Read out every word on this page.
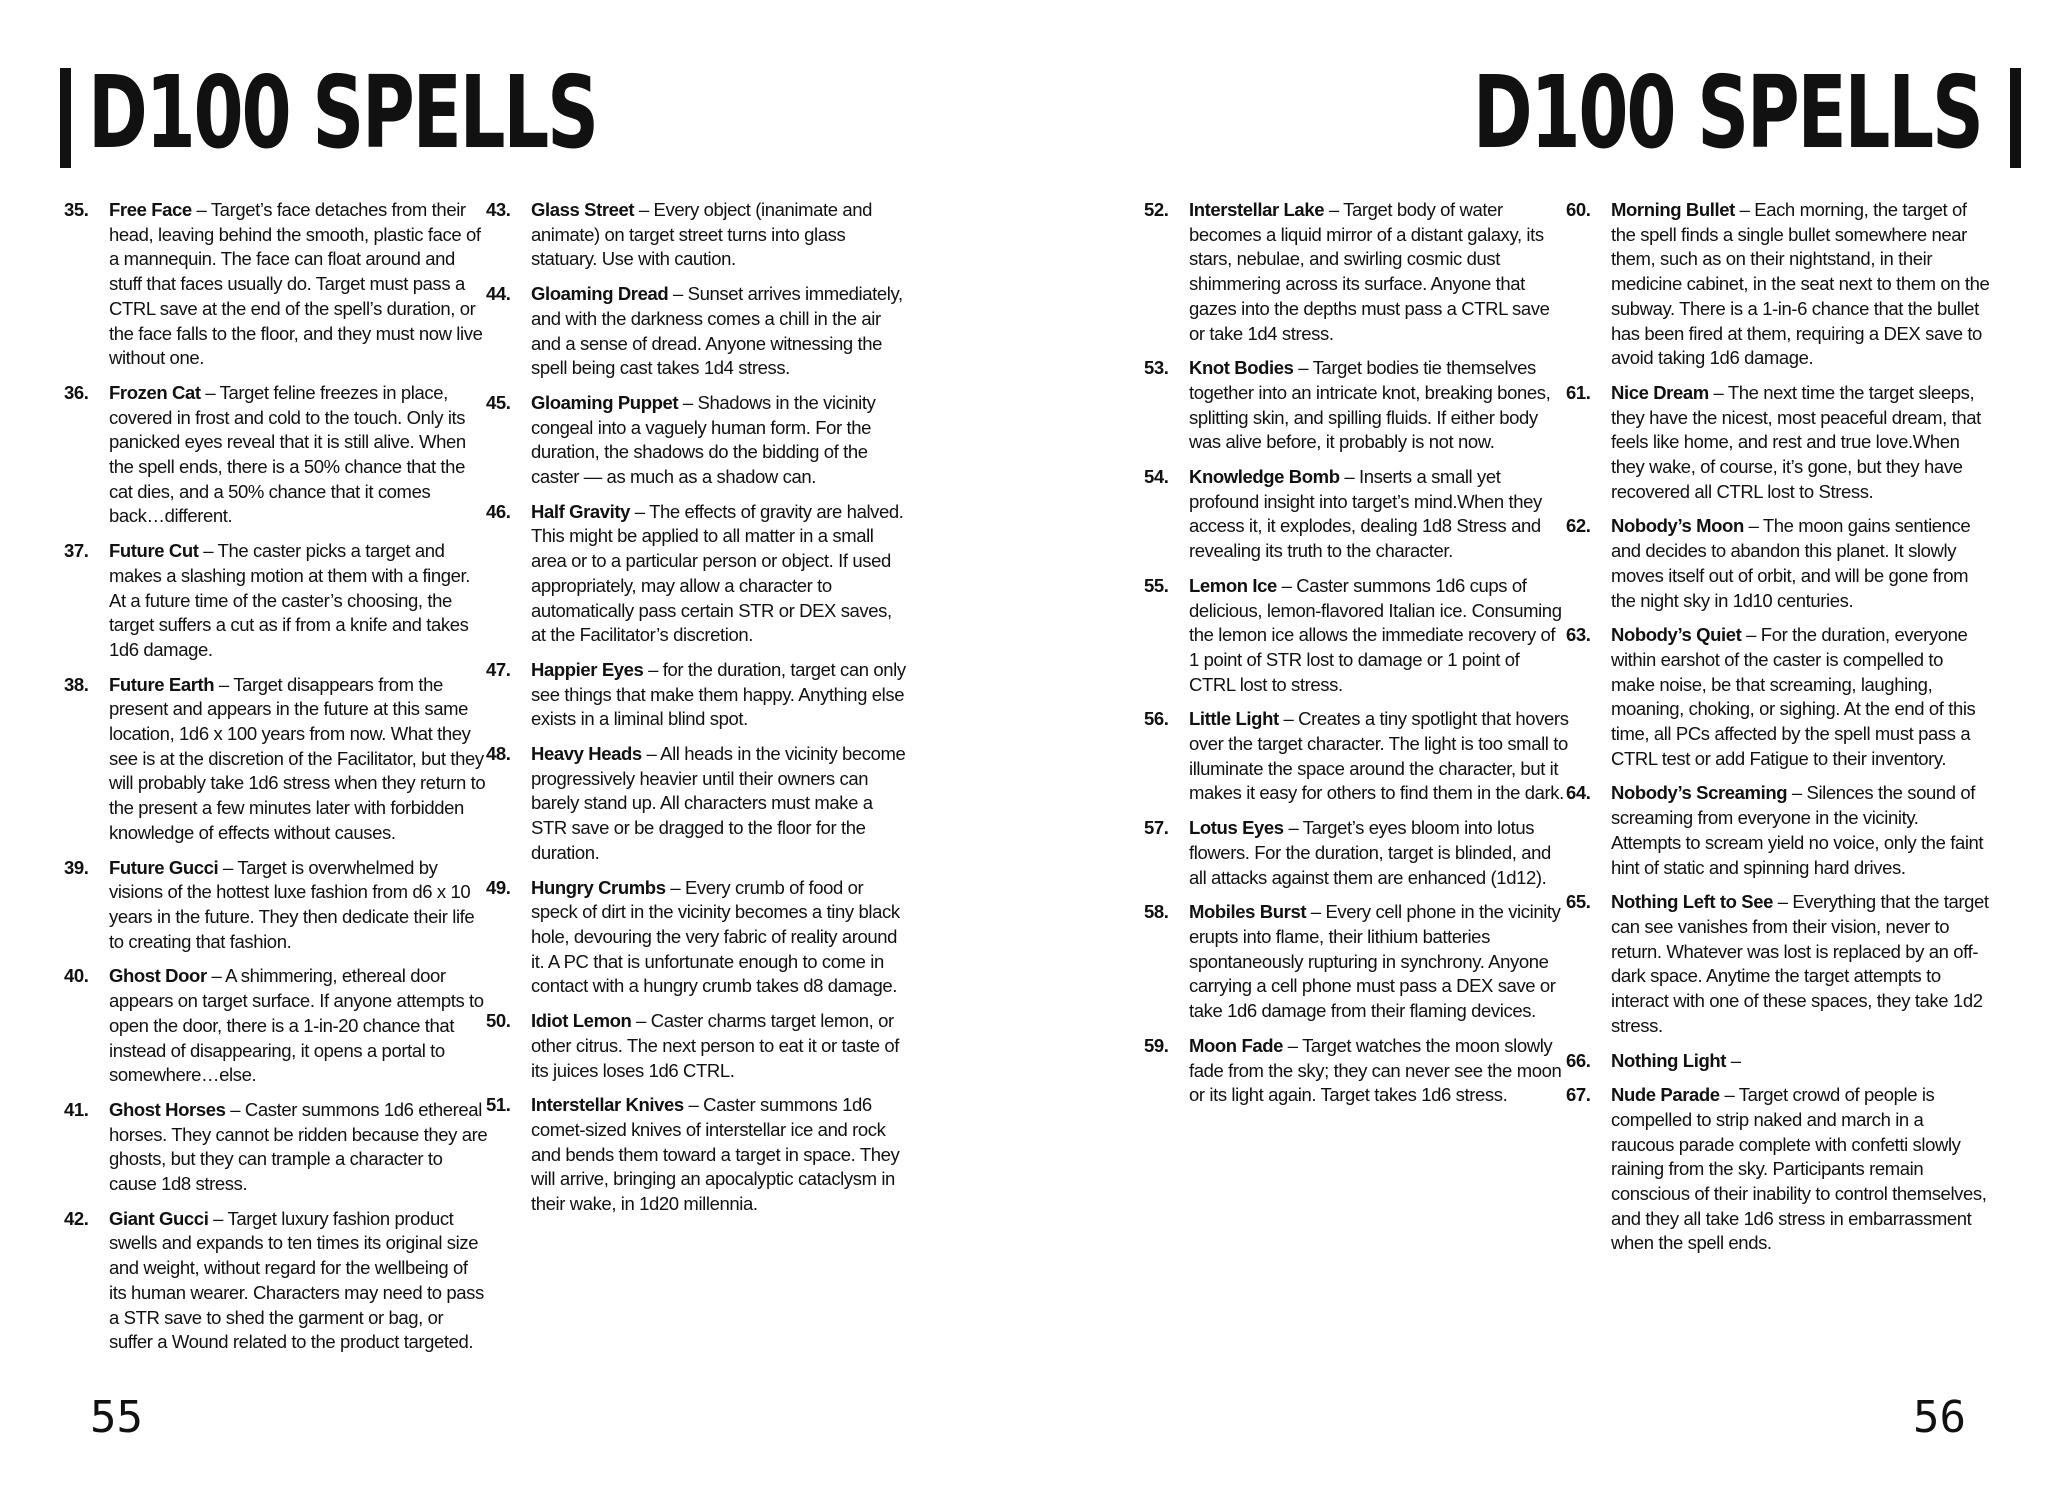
D100 SPELLS
35. Free Face – Target’s face detaches from their head, leaving behind the smooth, plastic face of a mannequin. The face can float around and stuff that faces usually do. Target must pass a CTRL save at the end of the spell’s duration, or the face falls to the floor, and they must now live without one.
36. Frozen Cat – Target feline freezes in place, covered in frost and cold to the touch. Only its panicked eyes reveal that it is still alive. When the spell ends, there is a 50% chance that the cat dies, and a 50% chance that it comes back…different.
37. Future Cut – The caster picks a target and makes a slashing motion at them with a finger. At a future time of the caster’s choosing, the target suffers a cut as if from a knife and takes 1d6 damage.
38. Future Earth – Target disappears from the present and appears in the future at this same location, 1d6 x 100 years from now. What they see is at the discretion of the Facilitator, but they will probably take 1d6 stress when they return to the present a few minutes later with forbidden knowledge of effects without causes.
39. Future Gucci – Target is overwhelmed by visions of the hottest luxe fashion from d6 x 10 years in the future. They then dedicate their life to creating that fashion.
40. Ghost Door – A shimmering, ethereal door appears on target surface. If anyone attempts to open the door, there is a 1-in-20 chance that instead of disappearing, it opens a portal to somewhere…else.
41. Ghost Horses – Caster summons 1d6 ethereal horses. They cannot be ridden because they are ghosts, but they can trample a character to cause 1d8 stress.
42. Giant Gucci – Target luxury fashion product swells and expands to ten times its original size and weight, without regard for the wellbeing of its human wearer. Characters may need to pass a STR save to shed the garment or bag, or suffer a Wound related to the product targeted.
43. Glass Street – Every object (inanimate and animate) on target street turns into glass statuary. Use with caution.
44. Gloaming Dread – Sunset arrives immediately, and with the darkness comes a chill in the air and a sense of dread. Anyone witnessing the spell being cast takes 1d4 stress.
45. Gloaming Puppet – Shadows in the vicinity congeal into a vaguely human form. For the duration, the shadows do the bidding of the caster — as much as a shadow can.
46. Half Gravity – The effects of gravity are halved. This might be applied to all matter in a small area or to a particular person or object. If used appropriately, may allow a character to automatically pass certain STR or DEX saves, at the Facilitator’s discretion.
47. Happier Eyes – for the duration, target can only see things that make them happy. Anything else exists in a liminal blind spot.
48. Heavy Heads – All heads in the vicinity become progressively heavier until their owners can barely stand up. All characters must make a STR save or be dragged to the floor for the duration.
49. Hungry Crumbs – Every crumb of food or speck of dirt in the vicinity becomes a tiny black hole, devouring the very fabric of reality around it. A PC that is unfortunate enough to come in contact with a hungry crumb takes d8 damage.
50. Idiot Lemon – Caster charms target lemon, or other citrus. The next person to eat it or taste of its juices loses 1d6 CTRL.
51. Interstellar Knives – Caster summons 1d6 comet-sized knives of interstellar ice and rock and bends them toward a target in space. They will arrive, bringing an apocalyptic cataclysm in their wake, in 1d20 millennia.
55
D100 SPELLS
52. Interstellar Lake – Target body of water becomes a liquid mirror of a distant galaxy, its stars, nebulae, and swirling cosmic dust shimmering across its surface. Anyone that gazes into the depths must pass a CTRL save or take 1d4 stress.
53. Knot Bodies – Target bodies tie themselves together into an intricate knot, breaking bones, splitting skin, and spilling fluids. If either body was alive before, it probably is not now.
54. Knowledge Bomb – Inserts a small yet profound insight into target’s mind.When they access it, it explodes, dealing 1d8 Stress and revealing its truth to the character.
55. Lemon Ice – Caster summons 1d6 cups of delicious, lemon-flavored Italian ice. Consuming the lemon ice allows the immediate recovery of 1 point of STR lost to damage or 1 point of CTRL lost to stress.
56. Little Light – Creates a tiny spotlight that hovers over the target character. The light is too small to illuminate the space around the character, but it makes it easy for others to find them in the dark.
57. Lotus Eyes – Target’s eyes bloom into lotus flowers. For the duration, target is blinded, and all attacks against them are enhanced (1d12).
58. Mobiles Burst – Every cell phone in the vicinity erupts into flame, their lithium batteries spontaneously rupturing in synchrony. Anyone carrying a cell phone must pass a DEX save or take 1d6 damage from their flaming devices.
59. Moon Fade – Target watches the moon slowly fade from the sky; they can never see the moon or its light again. Target takes 1d6 stress.
60. Morning Bullet – Each morning, the target of the spell finds a single bullet somewhere near them, such as on their nightstand, in their medicine cabinet, in the seat next to them on the subway. There is a 1-in-6 chance that the bullet has been fired at them, requiring a DEX save to avoid taking 1d6 damage.
61. Nice Dream – The next time the target sleeps, they have the nicest, most peaceful dream, that feels like home, and rest and true love.When they wake, of course, it’s gone, but they have recovered all CTRL lost to Stress.
62. Nobody’s Moon – The moon gains sentience and decides to abandon this planet. It slowly moves itself out of orbit, and will be gone from the night sky in 1d10 centuries.
63. Nobody’s Quiet – For the duration, everyone within earshot of the caster is compelled to make noise, be that screaming, laughing, moaning, choking, or sighing. At the end of this time, all PCs affected by the spell must pass a CTRL test or add Fatigue to their inventory.
64. Nobody’s Screaming – Silences the sound of screaming from everyone in the vicinity. Attempts to scream yield no voice, only the faint hint of static and spinning hard drives.
65. Nothing Left to See – Everything that the target can see vanishes from their vision, never to return. Whatever was lost is replaced by an off-dark space. Anytime the target attempts to interact with one of these spaces, they take 1d2 stress.
66. Nothing Light –
67. Nude Parade – Target crowd of people is compelled to strip naked and march in a raucous parade complete with confetti slowly raining from the sky. Participants remain conscious of their inability to control themselves, and they all take 1d6 stress in embarrassment when the spell ends.
56
